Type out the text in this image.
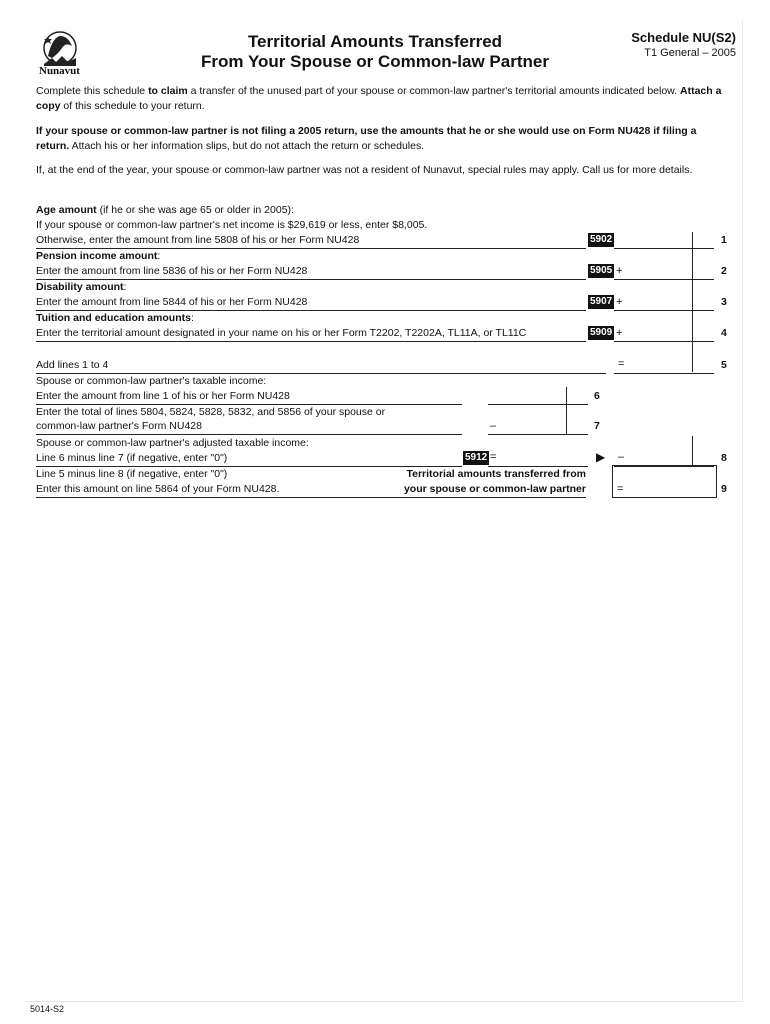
Nunavut
Territorial Amounts Transferred
From Your Spouse or Common-law Partner
Schedule NU(S2)
T1 General – 2005
Complete this schedule to claim a transfer of the unused part of your spouse or common-law partner's territorial amounts indicated below. Attach a copy of this schedule to your return.
If your spouse or common-law partner is not filing a 2005 return, use the amounts that he or she would use on Form NU428 if filing a return. Attach his or her information slips, but do not attach the return or schedules.
If, at the end of the year, your spouse or common-law partner was not a resident of Nunavut, special rules may apply. Call us for more details.
Age amount (if he or she was age 65 or older in 2005):
If your spouse or common-law partner's net income is $29,619 or less, enter $8,005.
Otherwise, enter the amount from line 5808 of his or her Form NU428	5902	1
Pension income amount:
Enter the amount from line 5836 of his or her Form NU428	5905 +	2
Disability amount:
Enter the amount from line 5844 of his or her Form NU428	5907 +	3
Tuition and education amounts:
Enter the territorial amount designated in your name on his or her Form T2202, T2202A, TL11A, or TL11C	5909 +	4
Add lines 1 to 4	=	5
Spouse or common-law partner's taxable income:
Enter the amount from line 1 of his or her Form NU428	6
Enter the total of lines 5804, 5824, 5828, 5832, and 5856 of your spouse or
common-law partner's Form NU428	–	7
Spouse or common-law partner's adjusted taxable income:
Line 6 minus line 7 (if negative, enter "0")	5912 =	▶ –	8
Line 5 minus line 8 (if negative, enter "0")
Enter this amount on line 5864 of your Form NU428.
Territorial amounts transferred from
your spouse or common-law partner	=	9
5014-S2
